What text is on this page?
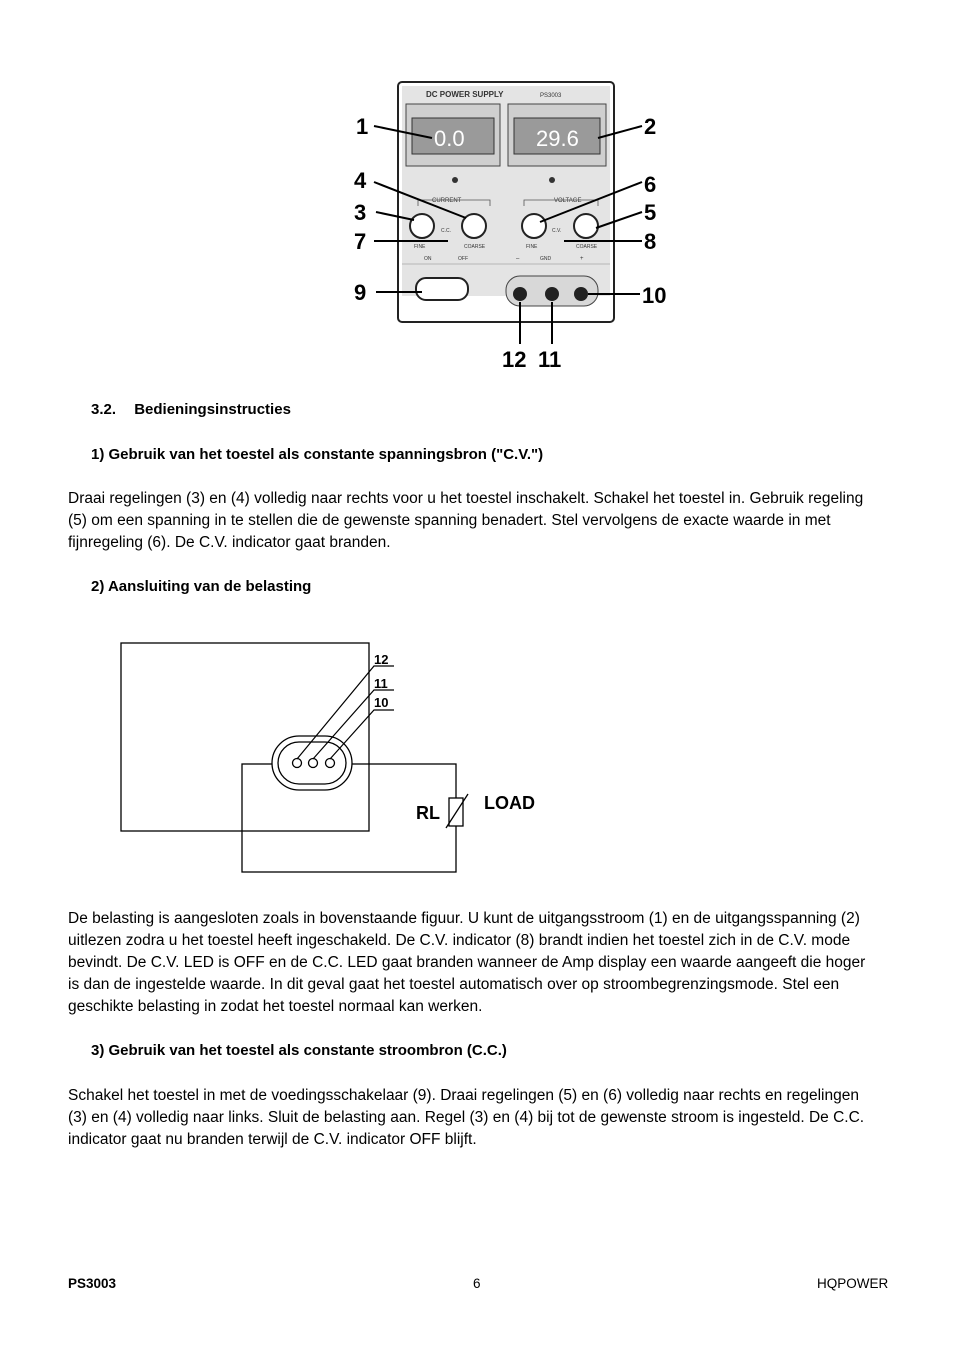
DC POWER SUPPLY	PS3003
0.0	29.6
CURRENT	VOLTAGE
FINE	COARSE	FINE	COARSE
C.C.	C.V.
ON	OFF	–	GND	+
1	2
4	6
3	5
7	8
9	10
12 11
3.2. Bedieningsinstructies
1) Gebruik van het toestel als constante spanningsbron ("C.V.")
Draai regelingen (3) en (4) volledig naar rechts voor u het toestel inschakelt. Schakel het toestel in. Gebruik regeling
(5) om een spanning in te stellen die de gewenste spanning benadert. Stel vervolgens de exacte waarde in met
fijnregeling (6). De C.V. indicator gaat branden.
2) Aansluiting van de belasting
12
11
10
RL LOAD
De belasting is aangesloten zoals in bovenstaande figuur. U kunt de uitgangsstroom (1) en de uitgangsspanning (2)
uitlezen zodra u het toestel heeft ingeschakeld. De C.V. indicator (8) brandt indien het toestel zich in de C.V. mode
bevindt. De C.V. LED is OFF en de C.C. LED gaat branden wanneer de Amp display een waarde aangeeft die hoger
is dan de ingestelde waarde. In dit geval gaat het toestel automatisch over op stroombegrenzingsmode. Stel een
geschikte belasting in zodat het toestel normaal kan werken.
3) Gebruik van het toestel als constante stroombron (C.C.)
Schakel het toestel in met de voedingsschakelaar (9). Draai regelingen (5) en (6) volledig naar rechts en regelingen
(3) en (4) volledig naar links. Sluit de belasting aan. Regel (3) en (4) bij tot de gewenste stroom is ingesteld. De C.C.
indicator gaat nu branden terwijl de C.V. indicator OFF blijft.
PS3003	6	HQPOWER
